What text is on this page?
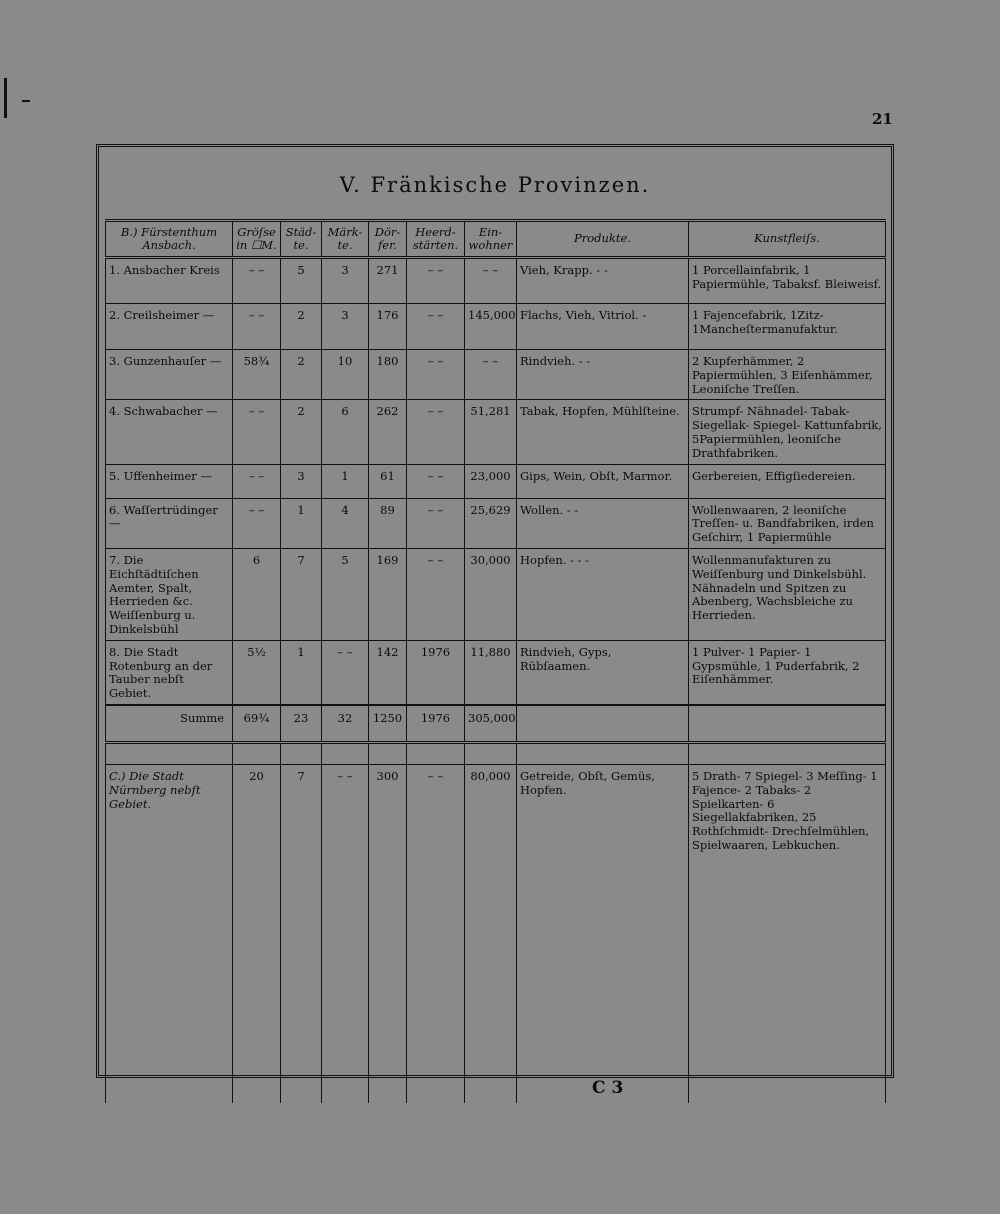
21
V. Fränkische Provinzen.
B.) Fürstenthum Ansbach.	Gröſse in ☐M.	Städ-te.	Märk-te.	Dör-fer.	Heerd-stärten.	Ein-wohner	Produkte.	Kunstfleiſs.
1. Ansbacher Kreis	– –	5	3	271	– –	– –	Vieh, Krapp. - -	1 Porcellainfabrik, 1 Papiermühle, Tabaksf. Bleiweisf.
2. Creilsheimer —	– –	2	3	176	– –	145,000	Flachs, Vieh, Vitriol. -	1 Fajencefabrik, 1Zitz- 1Mancheſtermanufaktur.
3. Gunzenhauſer —	58¾	2	10	180	– –	– –	Rindvieh. - -	2 Kupferhämmer, 2 Papiermühlen, 3 Eiſenhämmer, Leoniſche Treſſen.
4. Schwabacher —	– –	2	6	262	– –	51,281	Tabak, Hopfen, Mühlſteine.	Strumpf- Nähnadel- Tabak- Siegellak- Spiegel- Kattunfabrik, 5Papiermühlen, leoniſche Drathfabriken.
5. Uffenheimer —	– –	3	1	61	– –	23,000	Gips, Wein, Obſt, Marmor.	Gerbereien, Effigſiedereien.
6. Waſſertrüdinger —	– –	1	4	89	– –	25,629	Wollen. - -	Wollenwaaren, 2 leoniſche Treſſen- u. Bandfabriken, irden Geſchirr, 1 Papiermühle
7. Die Eichſtädtiſchen Aemter, Spalt, Herrieden &c. Weiſſenburg u. Dinkelsbühl	6	7	5	169	– –	30,000	Hopfen. - - -	Wollenmanufakturen zu Weiſſenburg und Dinkelsbühl. Nähnadeln und Spitzen zu Abenberg, Wachsbleiche zu Herrieden.
8. Die Stadt Rotenburg an der Tauber nebſt Gebiet.	5½	1	– –	142	1976	11,880	Rindvieh, Gyps, Rübſaamen.	1 Pulver- 1 Papier- 1 Gypsmühle, 1 Puderfabrik, 2 Eiſenhämmer.
Summe	69¾	23	32	1250	1976	305,000		

C.) Die Stadt Nürnberg nebſt Gebiet.	20	7	– –	300	– –	80,000	Getreide, Obſt, Gemüs, Hopfen.	5 Drath- 7 Spiegel- 3 Meſſing- 1 Fajence- 2 Tabaks- 2 Spielkarten- 6 Siegellakfabriken, 25 Rothſchmidt- Drechſelmühlen, Spielwaaren, Lebkuchen.
C 3
